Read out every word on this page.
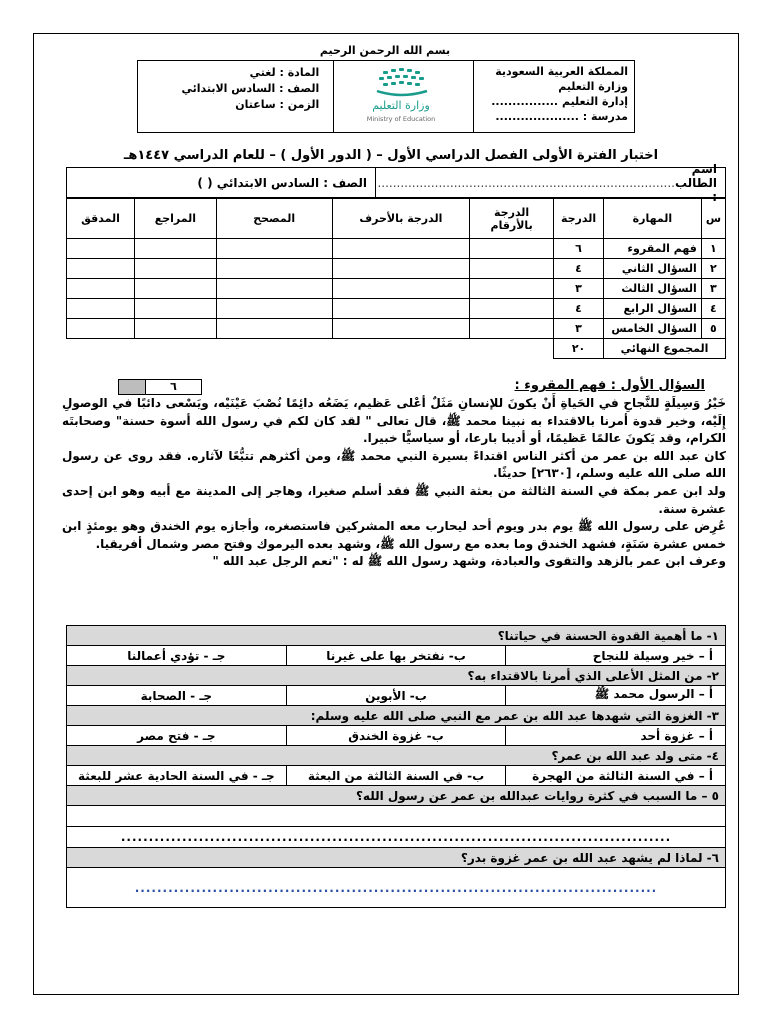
بسم الله الرحمن الرحيم
المملكة العربية السعودية
وزارة التعليم
إدارة التعليم ................
مدرسة : ....................
وزارة التعليم
Ministry of Education
المادة : لغتي
الصف : السادس الابتدائي
الزمن : ساعتان
اختبار الفترة الأولى الفصل الدراسي الأول – ( الدور الأول ) – للعام الدراسي ١٤٤٧هـ
اسم الطالب :
..............................................................................
الصف : السادس الابتدائي ( )
س	المهارة	الدرجة	الدرجة بالأرقام	الدرجة بالأحرف	المصحح	المراجع	المدقق
١	فهم المقروء	٦					
٢	السؤال الثاني	٤					
٣	السؤال الثالث	٣					
٤	السؤال الرابع	٤					
٥	السؤال الخامس	٣					
المجموع النهائي		٢٠					
السؤال الأول : فهم المقروء :
٦

خَيْرُ وَسِيلَةٍ للنَّجاحِ في الحَياةِ أَنْ يكونَ للإنسانِ مَثَلٌ أعْلى عَظيم، يَضَعُه دائِمًا نُصْبَ عَيْنَيْه، ويَسْعى دائبًا في الوصولِ إِلَيْه، وخير قدوة أمرنا بالاقتداء به نبينا محمد ﷺ، قال تعالى " لقد كان لكم في رسول الله أسوة حسنة" وصحابتَه الكرام، وقد يَكونَ عالمًا عَظيمًا، أو أديبا بارعا، أو سياسيًّا خبيرا.

كان عبد الله بن عمر من أكثر الناس اقتداءً بسيرة النبي محمد ﷺ، ومن أكثرهم تتبُّعًا لآثاره. فقد روى عن رسول الله صلى الله عليه وسلم، [٢٦٣٠] حديثًا.

ولد ابن عمر بمكة في السنة الثالثة من بعثة النبي ﷺ فقد أسلم صغيرا، وهاجر إلى المدينة مع أبيه وهو ابن إحدى عشرة سنة.

عُرِض على رسول الله ﷺ يوم بدر ويوم أحد ليحارب معه المشركين فاستصغره، وأجازه يوم الخندق وهو يومئذٍ ابن خمس عشرة سَنَةٍ، فشهد الخندق وما بعده مع رسول الله ﷺ، وشهد بعده اليرموك وفتح مصر وشمال أفريقيا.

وعرف ابن عمر بالزهد والتقوى والعبادة، وشهد رسول الله ﷺ له : "نعم الرجل عبد الله "

١- ما أهمية القدوة الحسنة في حياتنا؟		
أ – خير وسيلة للنجاح	ب- نفتخر بها على غيرنا	جـ - تؤدي أعمالنا
٢- من المثل الأعلى الذي أمرنا بالاقتداء به؟		
أ – الرسول محمد ﷺ	ب- الأبوين	جـ - الصحابة
٣- الغزوة التي شهدها عبد الله بن عمر مع النبي صلى الله عليه وسلم:		
أ – غزوة أحد	ب- غزوة الخندق	جـ - فتح مصر
٤- متى ولد عبد الله بن عمر؟		
أ – في السنة الثالثة من الهجرة	ب- في السنة الثالثة من البعثة	جـ - في السنة الحادية عشر للبعثة
٥ – ما السبب في كثرة روايات عبدالله بن عمر عن رسول الله؟		

...................................................................................................		
٦- لماذا لم يشهد عبد الله بن عمر غزوة بدر؟		
..............................................................................................		
